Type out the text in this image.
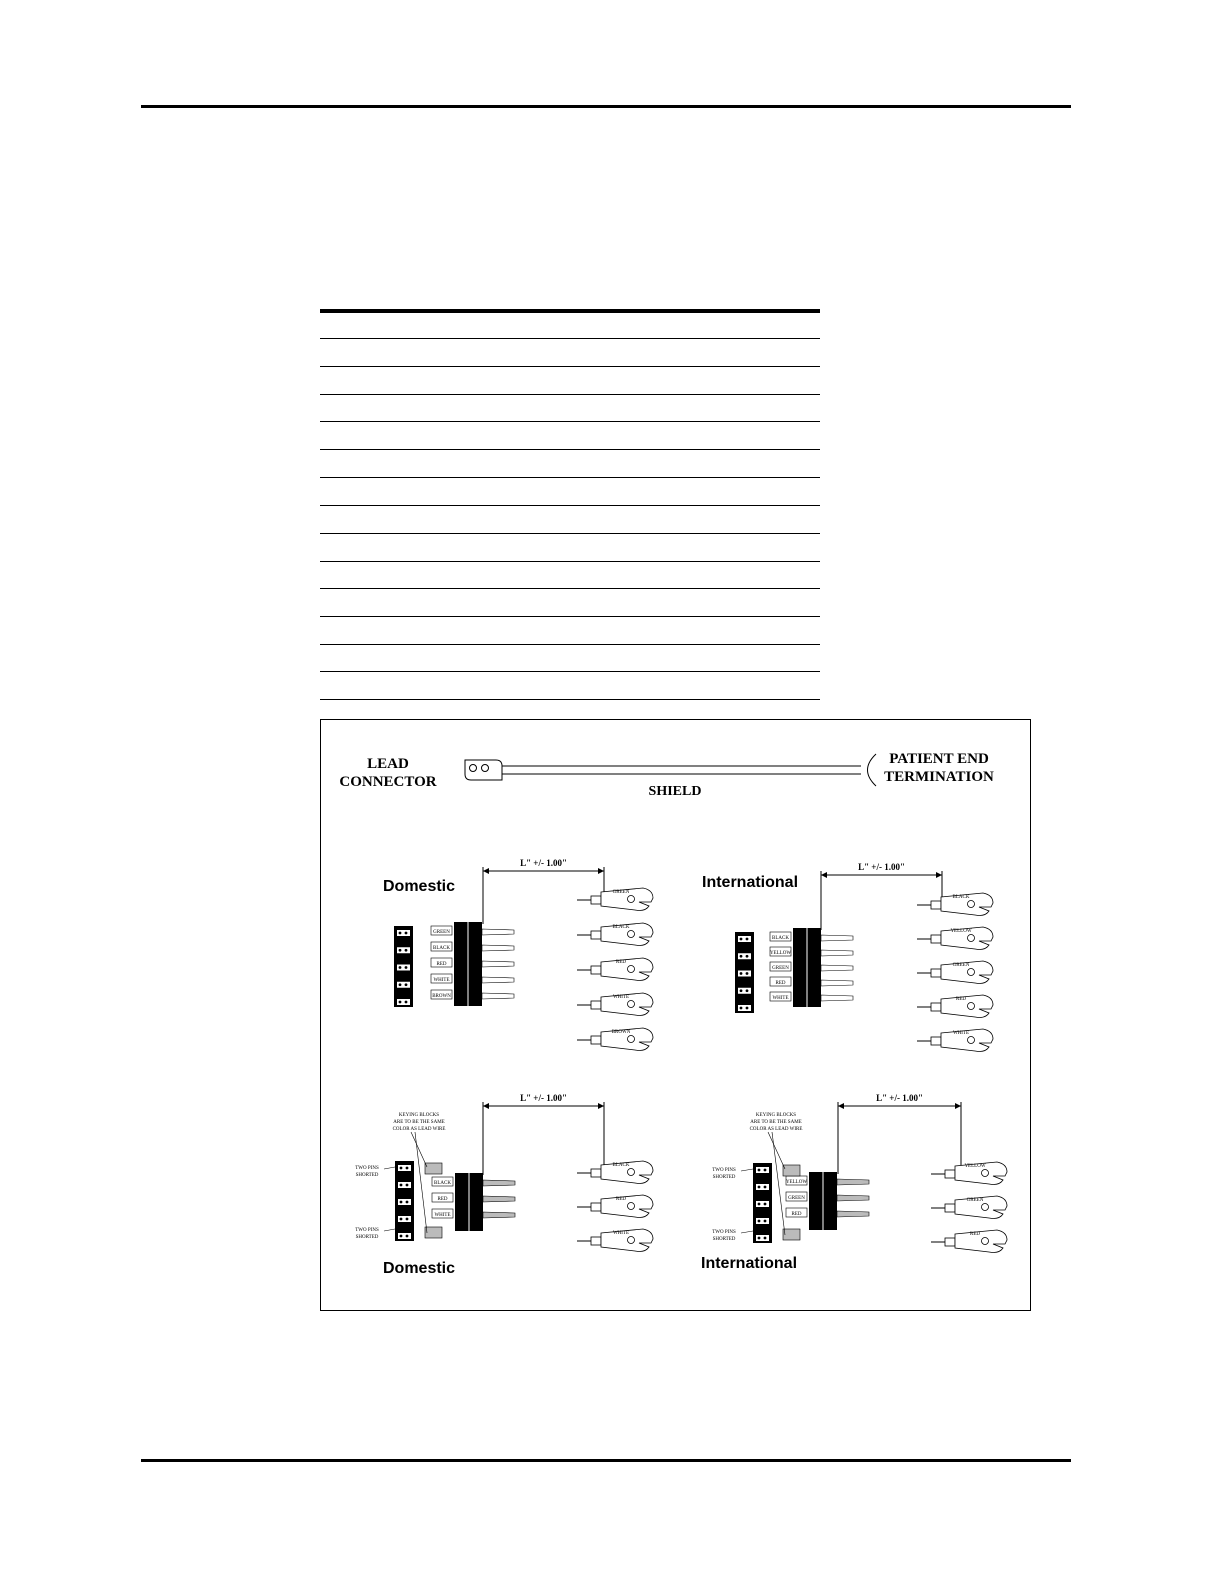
LEAD
CONNECTOR
SHIELD
PATIENT END
TERMINATION
Domestic
L" +/- 1.00"
GREEN
BLACK
RED
WHITE
BROWN
GREEN
BLACK
RED
WHITE
BROWN
International
L" +/- 1.00"
BLACK
YELLOW
GREEN
RED
WHITE
BLACK
YELLOW
GREEN
RED
WHITE
Domestic
L" +/- 1.00"
BLACK
RED
WHITE
KEYING BLOCKS
ARE TO BE THE SAME
COLOR AS LEAD WIRE
TWO PINS
SHORTED
TWO PINS
SHORTED
BLACK
RED
WHITE
International
L" +/- 1.00"
YELLOW
GREEN
RED
KEYING BLOCKS
ARE TO BE THE SAME
COLOR AS LEAD WIRE
TWO PINS
SHORTED
TWO PINS
SHORTED
YELLOW
GREEN
RED
